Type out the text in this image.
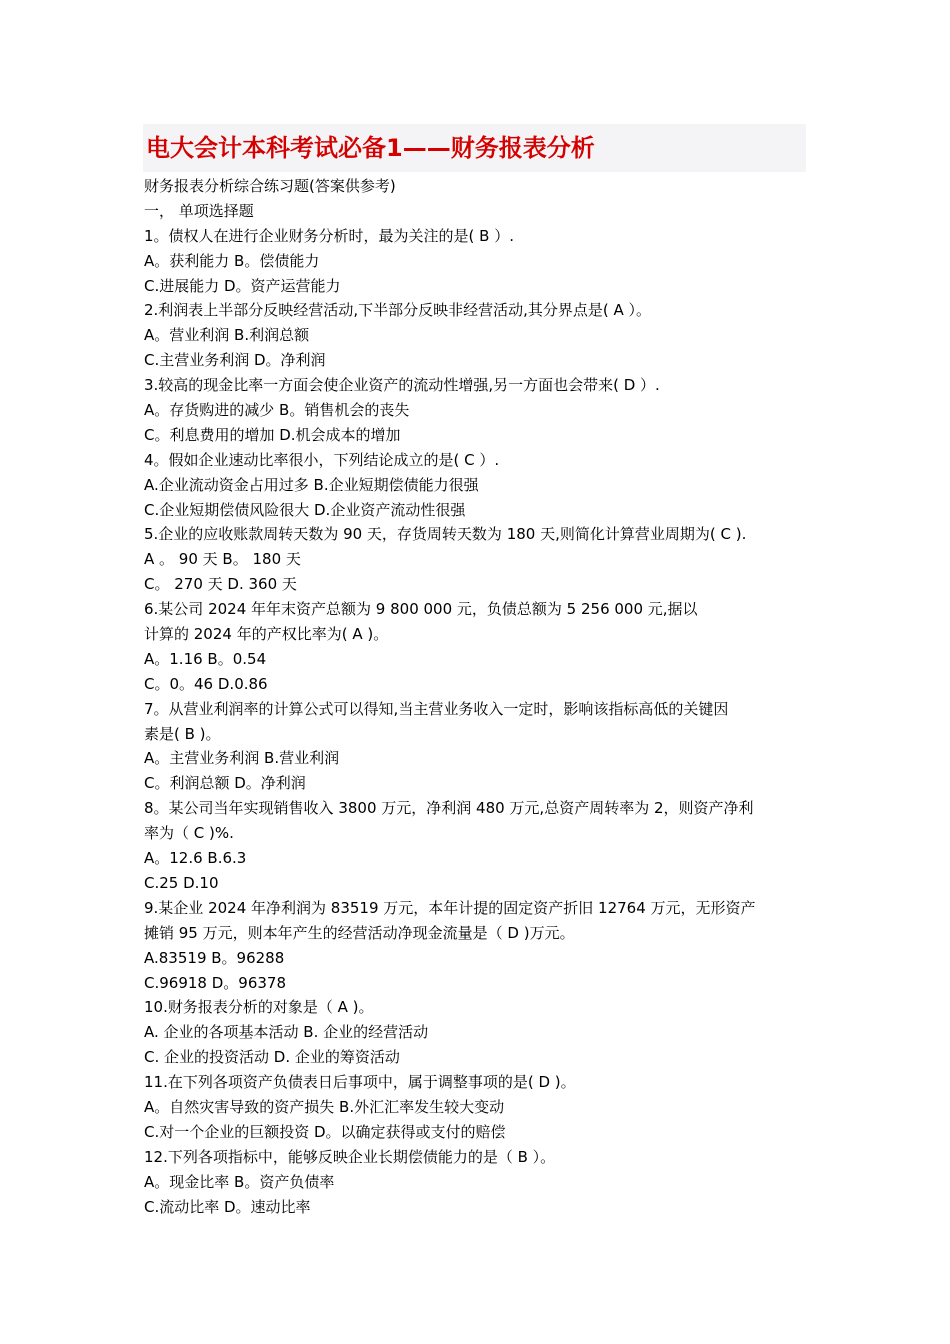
电大会计本科考试必备1——财务报表分析
财务报表分析综合练习题(答案供参考)
一， 单项选择题
1。债权人在进行企业财务分析时，最为关注的是( B ）.
A。获利能力 B。偿债能力
C.进展能力 D。资产运营能力
2.利润表上半部分反映经营活动,下半部分反映非经营活动,其分界点是( A ）。
A。营业利润 B.利润总额
C.主营业务利润 D。净利润
3.较高的现金比率一方面会使企业资产的流动性增强,另一方面也会带来( D ）.
A。存货购进的减少 B。销售机会的丧失
C。利息费用的增加 D.机会成本的增加
4。假如企业速动比率很小，下列结论成立的是( C ）.
A.企业流动资金占用过多 B.企业短期偿债能力很强
C.企业短期偿债风险很大 D.企业资产流动性很强
5.企业的应收账款周转天数为 90 天，存货周转天数为 180 天,则简化计算营业周期为( C ).
A 。 90 天 B。 180 天
C。 270 天 D. 360 天
6.某公司 2024 年年末资产总额为 9 800 000 元，负债总额为 5 256 000 元,据以
计算的 2024 年的产权比率为( A )。
A。1.16 B。0.54
C。0。46 D.0.86
7。从营业利润率的计算公式可以得知,当主营业务收入一定时，影响该指标高低的关键因
素是( B )。
A。主营业务利润 B.营业利润
C。利润总额 D。净利润
8。某公司当年实现销售收入 3800 万元，净利润 480 万元,总资产周转率为 2，则资产净利
率为（ C )%.
A。12.6 B.6.3
C.25 D.10
9.某企业 2024 年净利润为 83519 万元，本年计提的固定资产折旧 12764 万元，无形资产
摊销 95 万元，则本年产生的经营活动净现金流量是（ D )万元。
A.83519 B。96288
C.96918 D。96378
10.财务报表分析的对象是（ A )。
A. 企业的各项基本活动 B. 企业的经营活动
C. 企业的投资活动 D. 企业的筹资活动
11.在下列各项资产负债表日后事项中，属于调整事项的是( D )。
A。自然灾害导致的资产损失 B.外汇汇率发生较大变动
C.对一个企业的巨额投资 D。以确定获得或支付的赔偿
12.下列各项指标中，能够反映企业长期偿债能力的是（ B ）。
A。现金比率 B。资产负债率
C.流动比率 D。速动比率
